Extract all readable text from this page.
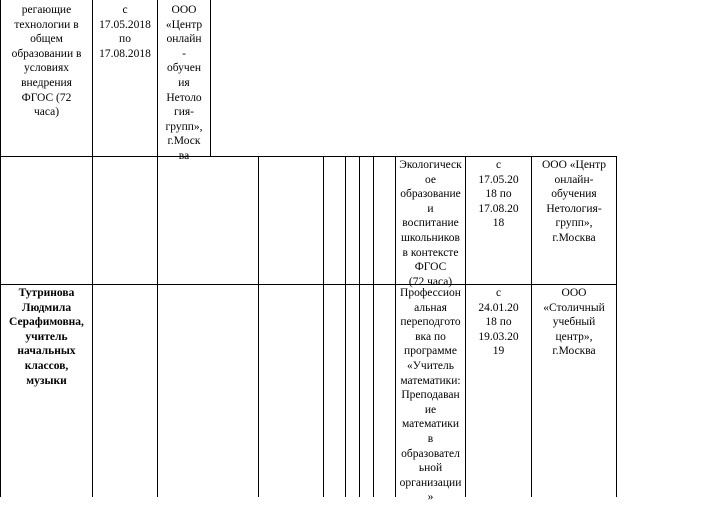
регающие
технологии в
общем
образовании в
условиях
внедрения
ФГОС (72
часа)
с
17.05.2018
по
17.08.2018
ООО
«Центр
онлайн
-
обучен
ия
Нетоло
гия-
групп»,
г.Моск
ва
Экологическ
ое
образование
и
воспитание
школьников
в контексте
ФГОС
(72 часа)
с
17.05.20
18 по
17.08.20
18
ООО «Центр
онлайн-
обучения
Нетология-
групп»,
г.Москва
Тутринова
Людмила
Серафимовна,
учитель
начальных
классов,
музыки
Профессион
альная
переподгото
вка по
программе
«Учитель
математики:
Преподаван
ие
математики
в
образовател
ьной
организации
»
с
24.01.20
18 по
19.03.20
19
ООО
«Столичный
учебный
центр»,
г.Москва
